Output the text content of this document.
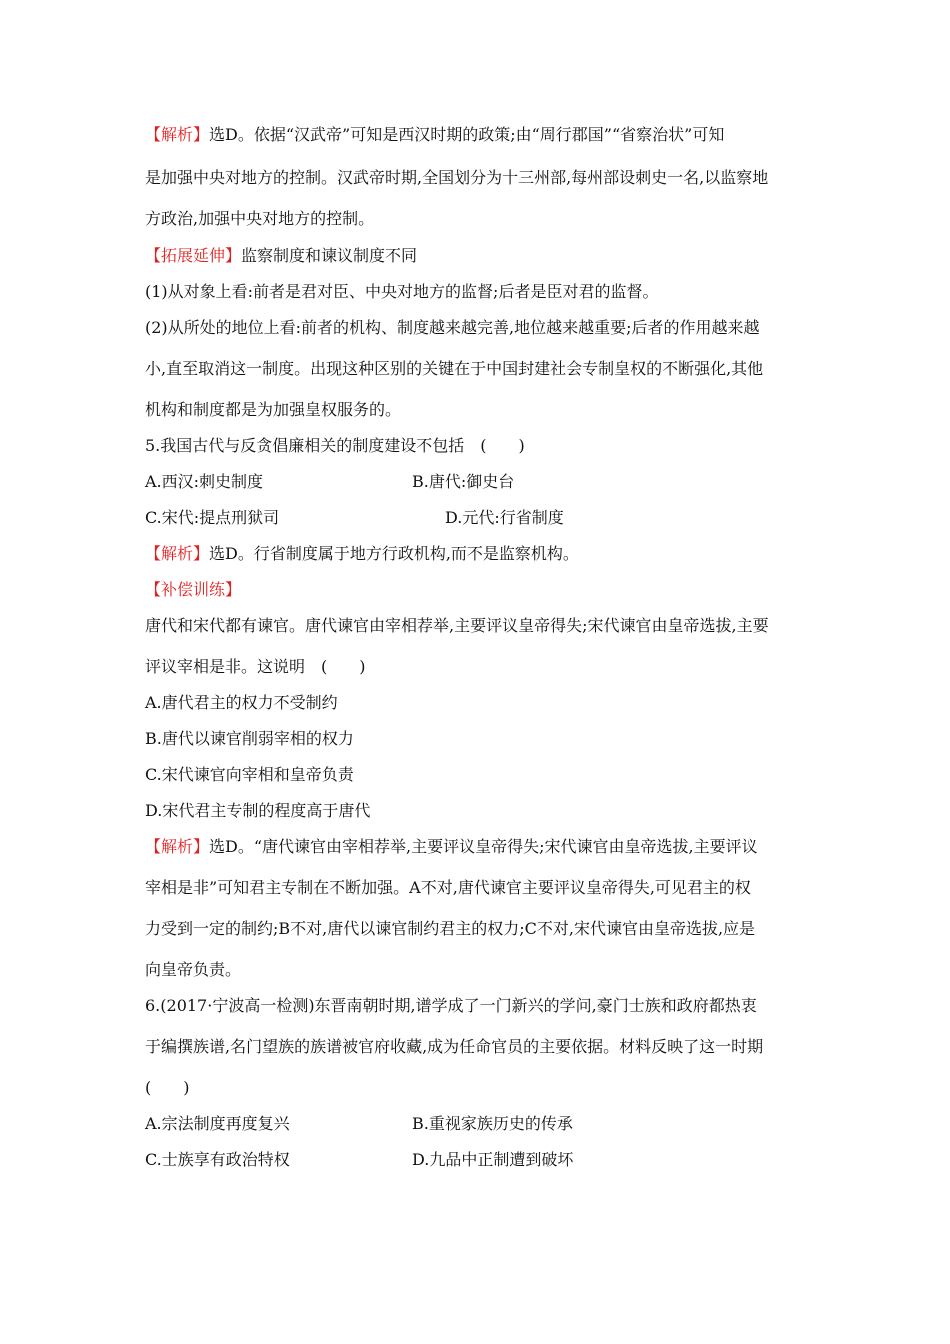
【解析】选D。依据“汉武帝”可知是西汉时期的政策;由“周行郡国”“省察治状”可知
是加强中央对地方的控制。汉武帝时期,全国划分为十三州部,每州部设刺史一名,以监察地
方政治,加强中央对地方的控制。
【拓展延伸】监察制度和谏议制度不同
(1)从对象上看:前者是君对臣、中央对地方的监督;后者是臣对君的监督。
(2)从所处的地位上看:前者的机构、制度越来越完善,地位越来越重要;后者的作用越来越
小,直至取消这一制度。出现这种区别的关键在于中国封建社会专制皇权的不断强化,其他
机构和制度都是为加强皇权服务的。
5.我国古代与反贪倡廉相关的制度建设不包括　(　　)
A.西汉:刺史制度	B.唐代:御史台
C.宋代:提点刑狱司	D.元代:行省制度
【解析】选D。行省制度属于地方行政机构,而不是监察机构。
【补偿训练】
唐代和宋代都有谏官。唐代谏官由宰相荐举,主要评议皇帝得失;宋代谏官由皇帝选拔,主要
评议宰相是非。这说明　(　　)
A.唐代君主的权力不受制约
B.唐代以谏官削弱宰相的权力
C.宋代谏官向宰相和皇帝负责
D.宋代君主专制的程度高于唐代
【解析】选D。“唐代谏官由宰相荐举,主要评议皇帝得失;宋代谏官由皇帝选拔,主要评议
宰相是非”可知君主专制在不断加强。A不对,唐代谏官主要评议皇帝得失,可见君主的权
力受到一定的制约;B不对,唐代以谏官制约君主的权力;C不对,宋代谏官由皇帝选拔,应是
向皇帝负责。
6.(2017·宁波高一检测)东晋南朝时期,谱学成了一门新兴的学问,豪门士族和政府都热衷
于编撰族谱,名门望族的族谱被官府收藏,成为任命官员的主要依据。材料反映了这一时期
(　　)
A.宗法制度再度复兴	B.重视家族历史的传承
C.士族享有政治特权	D.九品中正制遭到破坏
